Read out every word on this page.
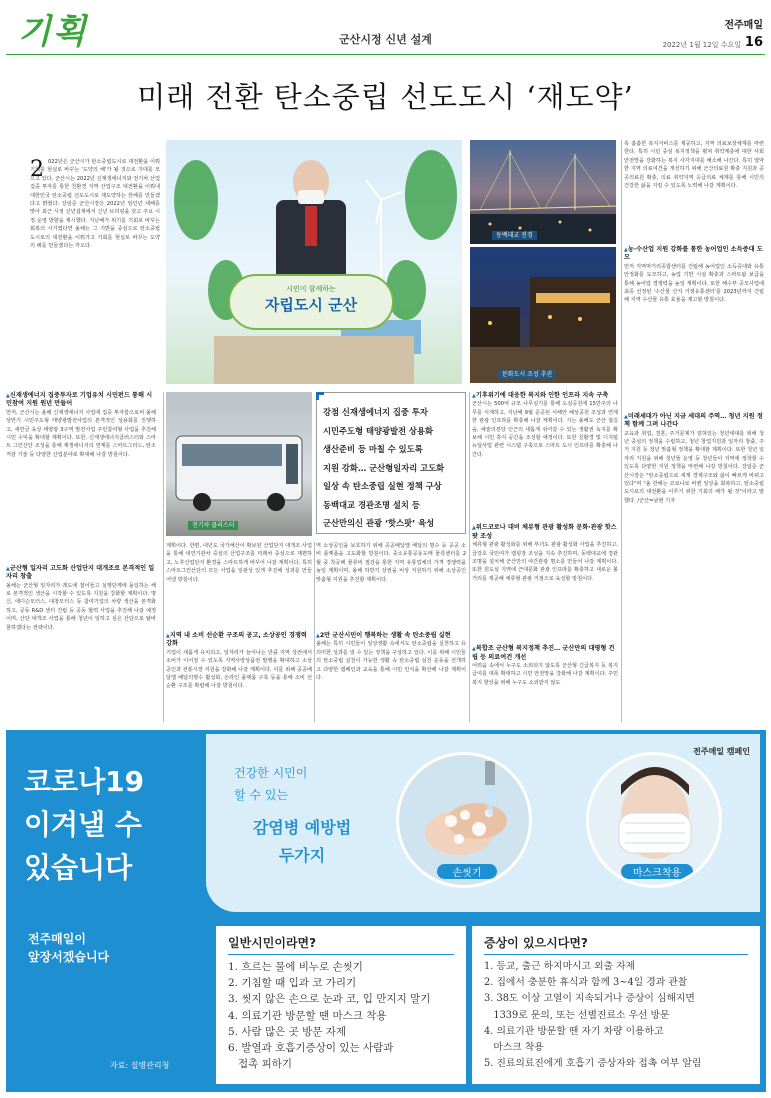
기획	군산시정 신년 설계
전주매일
2022년 1월 12일 수요일 16
미래 전환 탄소중립 선도도시 ‘재도약’
2 022년은 군산시가 탄소중립도시로 대전환을 이뤄 기회를 현실로 바꾸는 '도약의 해'가 될 것으로 기대를 모으고 있다. 군산시는 2022년 신재생에너지와 전기차 산업 집중 투자를 통한 친환경 지역 산업구조 대전환을 이뤄내 대한민국 탄소중립 선도도시로 재도약하는 한해를 만들겠다고 밝혔다. 강임준 군산시장은 2022년 임인년 새해를 맞아 최근 시정 신년설계에서 신년 브리핑을 갖고 주요 시정 운영 방향을 제시했다. 지난해가 위기를 기회로 바꾸는 회복의 시기였다면 올해는 그 기반을 중심으로 탄소중립 도시로의 대전환을 이뤄가고 기회를 현실로 바꾸는 도약의 해를 만들겠다는 각오다.
시민이 함께하는
자립도시 군산
동백대교 전경
문화도시 조성 추진
록 촘촘한 복지서비스를 제공하고, 지역 의료보장체계를 마련한다. 특히 시민 중심 복지정책을 펼쳐 취약계층에 대한 사회안전망을 강화하는 복지 사각지대를 해소해 나간다. 특히 열악한 지역 의료여건을 개선하기 위해 군산의료원 확충 지원과 공공의료원 확충, 의료 취약지역 응급의료 체계를 통해 시민의 건강한 삶을 지킬 수 있도록 노력해 나갈 계획이다.
▲ 농·수산업 지원 강화를 통한 농어업인 소득증대 도모
먼저 지역먹거리종합센터를 건립해 농어업인 소득증대와 유통 안정화를 도모하고, 농업 기반 시설 확충과 스마트팜 보급을 통해 농어업 경쟁력을 높일 계획이다. 또한 해수부 공모사업에 최종 선정된 '수산물 산지 거점유통센터'를 2023년까지 건립해 지역 수산물 유통 효율을 제고할 방침이다.
▲ 미래세대가 아닌 지금 세대의 주역… 청년 지원 정책 함께 그려 나간다
교육과 취업, 결혼, 주거문제가 얽혀있는 청년세대를 위해 청년 중심의 정책을 수립하고, 청년 창업지원과 일자리 창출, 주거 지원 등 청년 맞춤형 정책을 확대할 계획이다. 또한 청년 일자리 지원을 위해 청년뜰 운영 등 청년들이 지역에 정착할 수 있도록 다양한 지원 정책을 마련해 나갈 방침이다. 강임준 군산시장은 "탄소중립으로 세계 경제구조와 삶이 빠르게 바뀌고 있다"며 "올 한해는 코로나로 바뀐 일상을 회복하고, 탄소중립 도시로의 대전환을 이루기 위한 기회의 해가 될 것"이라고 말했다. /군산=남현 기자
▲ 신재생에너지 집중투자로 기업유치 시민펀드 통해 시민참여 지원 원년 만들어
먼저, 군산시는 올해 신재생에너지 사업에 집중 투자함으로써 올해 상반기 시민주도형 태양광발전사업의 본격적인 상용화를 진행하고, 새만금 육상 태양광 3구역 발전사업 주민참여형 사업을 추진해 시민 수익을 확대할 계획이다. 또한, 신재생에너지클러스터와 스마트 그린산단 조성을 통해 재생에너지의 연계를 스마트그리드, 탄소 저감 기술 등 다양한 산업분야로 확대해 나갈 방침이다.
▲ 군산형 일자리 고도화 산업단지 대개조로 본격적인 일자리 창출
올해는 군산형 일자리가 궤도에 접어들고 실행단계에 돌입하는 해로 본격적인 생산을 시작할 수 있도록 지원을 강화할 계획이다. 명신, 에디슨모터스, 대창모터스 등 참여기업의 차량 생산을 본격화하고, 공동 R&D 센터 건립 등 공동 협력 사업을 추진해 나갈 예정이며, 산단 대개조 사업을 통해 청년이 일하고 싶은 산단으로 탈바꿈하겠다는 전략이다.
전기차 클러스터
강점 신재생에너지 집중 투자
시민주도형 태양광발전 상용화
생산준비 등 마칠 수 있도록
지원 강화… 군산형일자리 고도화
일상 속 탄소중립 실현 정책 구상
동백대교 경관조명 설치 등
군산만의신 관광 ‘핫스팟’ 육성
계획이다. 한편, 내년도 국가예산이 확보된 산업단지 대개조 사업을 통해 내연기관차 중심의 산업구조를 미래차 중심으로 재편하고, 노후산업단지 환경을 스마트하게 바꾸어 나갈 계획이다. 특히 스마트그린산단의 모든 사업을 일관성 있게 추진해 성과를 만들어낼 방침이다.
▲ 지역 내 소비 선순환 구조의 공고, 소상공인 경쟁력 강화
기업이 새롭게 유치되고, 일자리가 늘어나는 만큼 지역 상권에서 소비가 이어질 수 있도록 지역사랑상품권 발행을 확대하고 소상공인과 전통시장 지원을 강화해 나갈 계획이다. 이를 위해 공공배달앱 배달의명수 활성화, 온라인 플랫폼 구축 등을 통해 소비 선순환 구조를 확립해 나갈 방침이다.
역 소상공인을 보호하기 위해 공공배달앱 배달의 명수 등 공공 소비 플랫폼을 고도화할 방침이다. 중소유통공동도매 물류센터를 2월 중 착공해 물류비 절감을 통한 지역 유통업체의 가격 경쟁력을 높일 계획이며, 올해 하반기 상권을 비상 지원하기 위해 소상공인 맞춤형 지원을 추진할 계획이다.
▲ 2만 군산시민이 행복하는 생활 속 탄소중립 실현
올해는 특히 시민들이 일상생활 속에서도 탄소중립을 실천하고 유의미한 성과를 낼 수 있는 정책을 구상하고 있다. 이를 위해 시민들의 탄소중립 실천이 가능한 생활 속 탄소중립 실천 운동을 전개하고 다양한 캠페인과 교육을 통해 시민 인식을 확산해 나갈 계획이다.
▲ 기후위기에 대응한 복지와 인한 인프라 지속 구축
군산시는 500억 규모 나무심기를 통해 도심공원에 15만주의 나무를 식재하고, 지난해 9월 준공된 서해안 해상공원 조성과 연계한 관광 인프라를 확충해 나갈 계획이다. 시는 올해도 군산 철길숲, 예술의전당 인근의 새롭게 쉬어갈 수 있는 생활권 녹지를 확보해 시민 휴식 공간을 조성할 예정이다. 또한 친환경 및 디지털 뉴딜사업 관련 시스템 구축으로 스마트 도시 인프라를 확충해 나간다.
▲ 위드코로나 대비 체류형 관광 활성화 문화·관광 핫스팟 조성
체류형 관광 활성화를 위해 부녀도 관광 활성화 사업을 추진하고, 금강호 국민여가 캠핑장 조성을 지속 추진하며, 동백대교에 경관조명을 설치해 군산만의 야간관광 명소를 만들어 나갈 계획이다. 또한 원도심 지역에 근대문화 관광 인프라를 확충하고 새로운 볼거리를 제공해 체류형 관광 거점으로 육성할 방침이다.
▲ 복합조 군산형 복지정책 추진… 군산만의 대평형 건립 등 의료여건 개선
어려움 속에서 누구도 소외되지 않도록 군산형 긴급복지 등 복지급여를 대폭 확대하고 시민 안전망을 강화해 나갈 계획이다. 주민복지 향상을 위해 누구도 소외받지 않도
코로나19
이겨낼 수
있습니다
전주매일이
앞장서겠습니다
자료: 질병관리청
전주매일 캠페인
건강한 시민이
할 수 있는
감염병 예방법
두가지
손씻기	마스크착용
일반시민이라면?
1. 흐르는 물에 비누로 손씻기
2. 기침할 때 입과 코 가리기
3. 씻지 않은 손으로 눈과 코, 입 만지지 말기
4. 의료기관 방문할 땐 마스크 착용
5. 사람 많은 곳 방문 자제
6. 발열과 호흡기증상이 있는 사람과
접촉 피하기
증상이 있으시다면?
1. 등교, 출근 하지마시고 외출 자제
2. 집에서 충분한 휴식과 함께 3~4일 경과 관찰
3. 38도 이상 고열이 지속되거나 증상이 심해지면
1339로 문의, 또는 선별진료소 우선 방문
4. 의료기관 방문할 땐 자기 차량 이용하고
마스크 착용
5. 진료의료진에게 호흡기 증상자와 접촉 여부 알림
